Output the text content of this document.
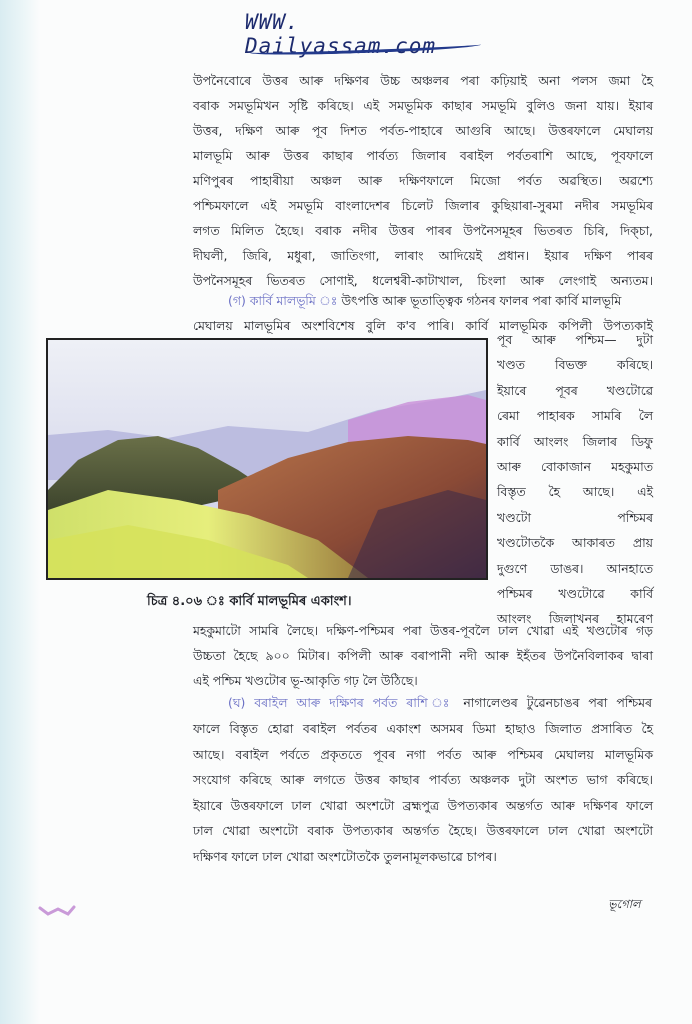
WWW. Dailyassam.com
উপনৈবোৰে উত্তৰ আৰু দক্ষিণৰ উচ্চ অঞ্চলৰ পৰা কঢ়িয়াই অনা পলস জমা হৈ
বৰাক সমভূমিখন সৃষ্টি কৰিছে। এই সমভূমিক কাছাৰ সমভূমি বুলিও জনা যায়। ইয়াৰ
উত্তৰ, দক্ষিণ আৰু পূব দিশত পৰ্বত-পাহাৰে আগুৰি আছে। উত্তৰফালে মেঘালয়
মালভূমি আৰু উত্তৰ কাছাৰ পাৰ্বত্য জিলাৰ বৰাইল পৰ্বতৰাশি আছে, পূবফালে
মণিপুৰৰ পাহাৰীয়া অঞ্চল আৰু দক্ষিণফালে মিজো পৰ্বত অৱস্থিত। অৱশ্যে
পশ্চিমফালে এই সমভূমি বাংলাদেশৰ চিলেট জিলাৰ কুছিয়াৰা-সুৰমা নদীৰ সমভূমিৰ
লগত মিলিত হৈছে। বৰাক নদীৰ উত্তৰ পাৰৰ উপনৈসমূহৰ ভিতৰত চিৰি, দিক্চা,
দীঘলী, জিৰি, মধুৰা, জাতিংগা, লাৰাং আদিয়েই প্ৰধান। ইয়াৰ দক্ষিণ পাৰৰ
উপনৈসমূহৰ ভিতৰত সোণাই, ধলেশ্বৰী-কাটাখাল, চিংলা আৰু লেংগাই অন্যতম।
(গ) কাৰ্বি মালভূমি ঃ উৎপত্তি আৰু ভূতাত্ত্বিক গঠনৰ ফালৰ পৰা কাৰ্বি মালভূমি
মেঘালয় মালভূমিৰ অংশবিশেষ বুলি ক'ব পাৰি। কাৰ্বি মালভূমিক কপিলী উপত্যকাই
পূব আৰু পশ্চিম— দুটা
খণ্ডত বিভক্ত কৰিছে।
ইয়াৰে পূবৰ খণ্ডটোৱে
ৰেমা পাহাৰক সামৰি লৈ
কাৰ্বি আংলং জিলাৰ ডিফু
আৰু বোকাজান মহকুমাত
বিস্তৃত হৈ আছে। এই
খণ্ডটো পশ্চিমৰ
খণ্ডটোতকৈ আকাৰত প্ৰায়
দুগুণে ডাঙৰ। আনহাতে
পশ্চিমৰ খণ্ডটোৱে কাৰ্বি
আংলং জিলাখনৰ হামৰেণ
চিত্ৰ ৪.০৬ ঃ কাৰ্বি মালভূমিৰ একাংশ।
মহকুমাটো সামৰি লৈছে। দক্ষিণ-পশ্চিমৰ পৰা উত্তৰ-পূবলৈ ঢাল খোৱা এই খণ্ডটোৰ গড়
উচ্চতা হৈছে ৯০০ মিটাৰ। কপিলী আৰু বৰাপানী নদী আৰু ইহঁতৰ উপনৈবিলাকৰ দ্বাৰা
এই পশ্চিম খণ্ডটোৰ ভূ-আকৃতি গঢ় লৈ উঠিছে।
(ঘ) বৰাইল আৰু দক্ষিণৰ পৰ্বত ৰাশি ঃ নাগালেণ্ডৰ টুৱেনচাঙৰ পৰা পশ্চিমৰ
ফালে বিস্তৃত হোৱা বৰাইল পৰ্বতৰ একাংশ অসমৰ ডিমা হাছাও জিলাত প্ৰসাৰিত হৈ
আছে। বৰাইল পৰ্বতে প্ৰকৃততে পূবৰ নগা পৰ্বত আৰু পশ্চিমৰ মেঘালয় মালভূমিক
সংযোগ কৰিছে আৰু লগতে উত্তৰ কাছাৰ পাৰ্বত্য অঞ্চলক দুটা অংশত ভাগ কৰিছে।
ইয়াৰে উত্তৰফালে ঢাল খোৱা অংশটো ব্ৰহ্মপুত্ৰ উপত্যকাৰ অন্তৰ্গত আৰু দক্ষিণৰ ফালে
ঢাল খোৱা অংশটো বৰাক উপত্যকাৰ অন্তৰ্গত হৈছে। উত্তৰফালে ঢাল খোৱা অংশটো
দক্ষিণৰ ফালে ঢাল খোৱা অংশটোতকৈ তুলনামূলকভাৱে চাপৰ।
ভূগোল
